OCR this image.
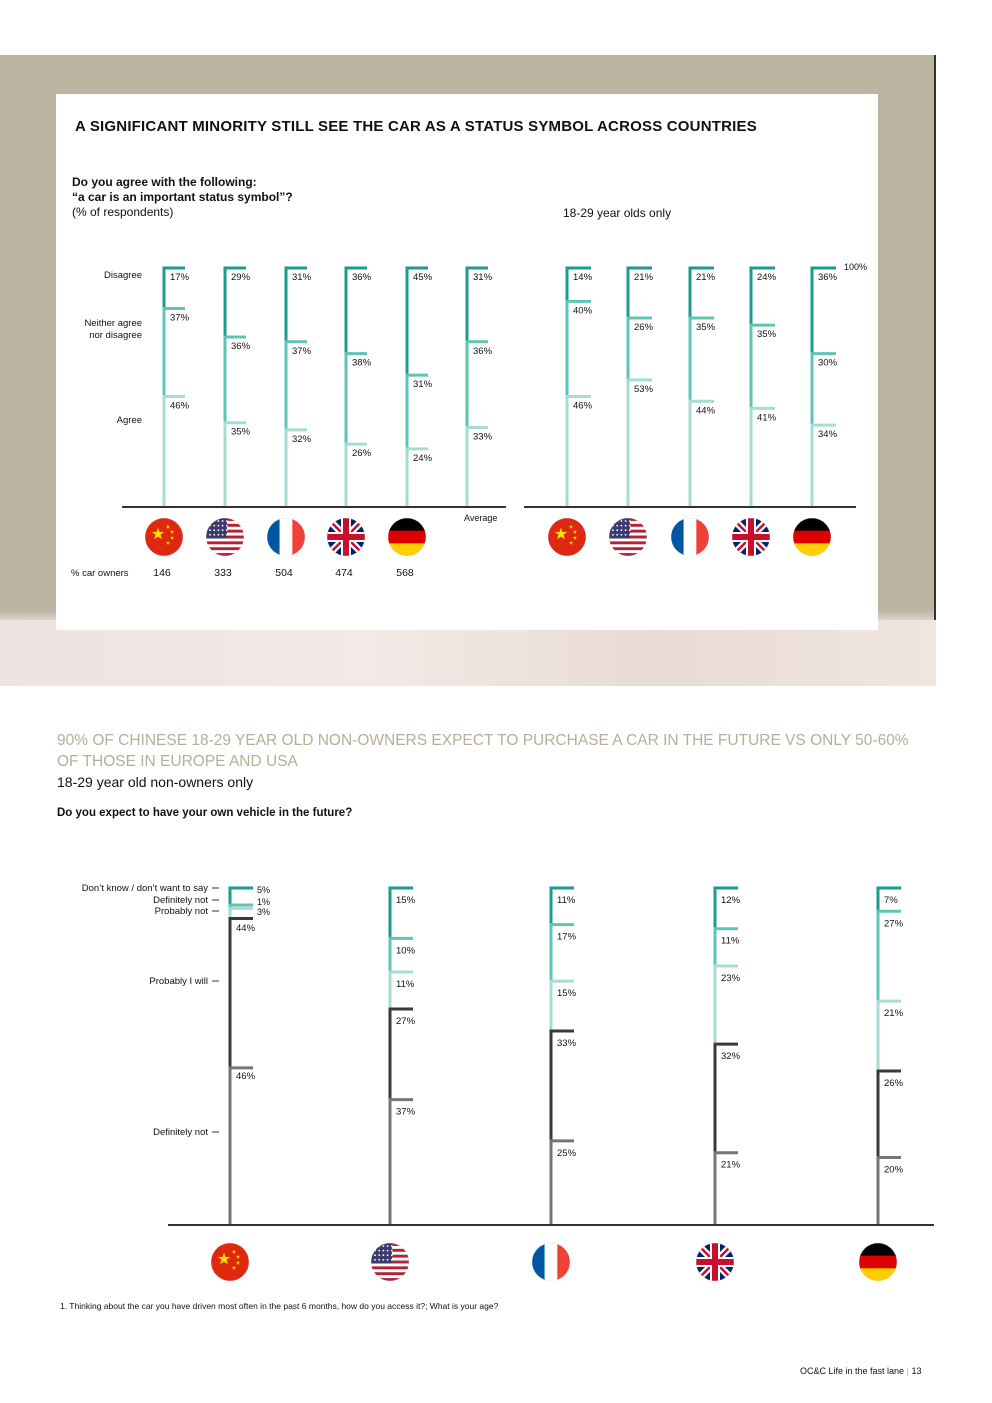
A SIGNIFICANT MINORITY STILL SEE THE CAR AS A STATUS SYMBOL ACROSS COUNTRIES
Do you agree with the following:
“a car is an important status symbol”?
(% of respondents)	18-29 year olds only
90% OF CHINESE 18-29 YEAR OLD NON-OWNERS EXPECT TO PURCHASE A CAR IN THE FUTURE VS ONLY 50-60% OF THOSE IN EUROPE AND USA
18-29 year old non-owners only
Do you expect to have your own vehicle in the future?
17%
37%
46%
29%
36%
35%
31%
37%
32%
36%
38%
26%
45%
31%
24%
31%
36%
33%
Average
Disagree
Neither agree
nor disagree
Agree
% car owners 146	333	504	474	568
14%
40%
46%
21%
26%
53%
21%
35%
44%
24%
35%
41%
36%
30%
34%
100%
5%
1%
3%
44%
46%
15%
10%
11%
27%
37%
11%
17%
15%
33%
25%
12%
11%
23%
32%
21%
7%
27%
21%
26%
20%
Don’t know / don’t want to say
Definitely not
Probably not
Probably I will
Definitely not
1. Thinking about the car you have driven most often in the past 6 months, how do you access it?; What is your age?
OC&C Life in the fast lane | 13
